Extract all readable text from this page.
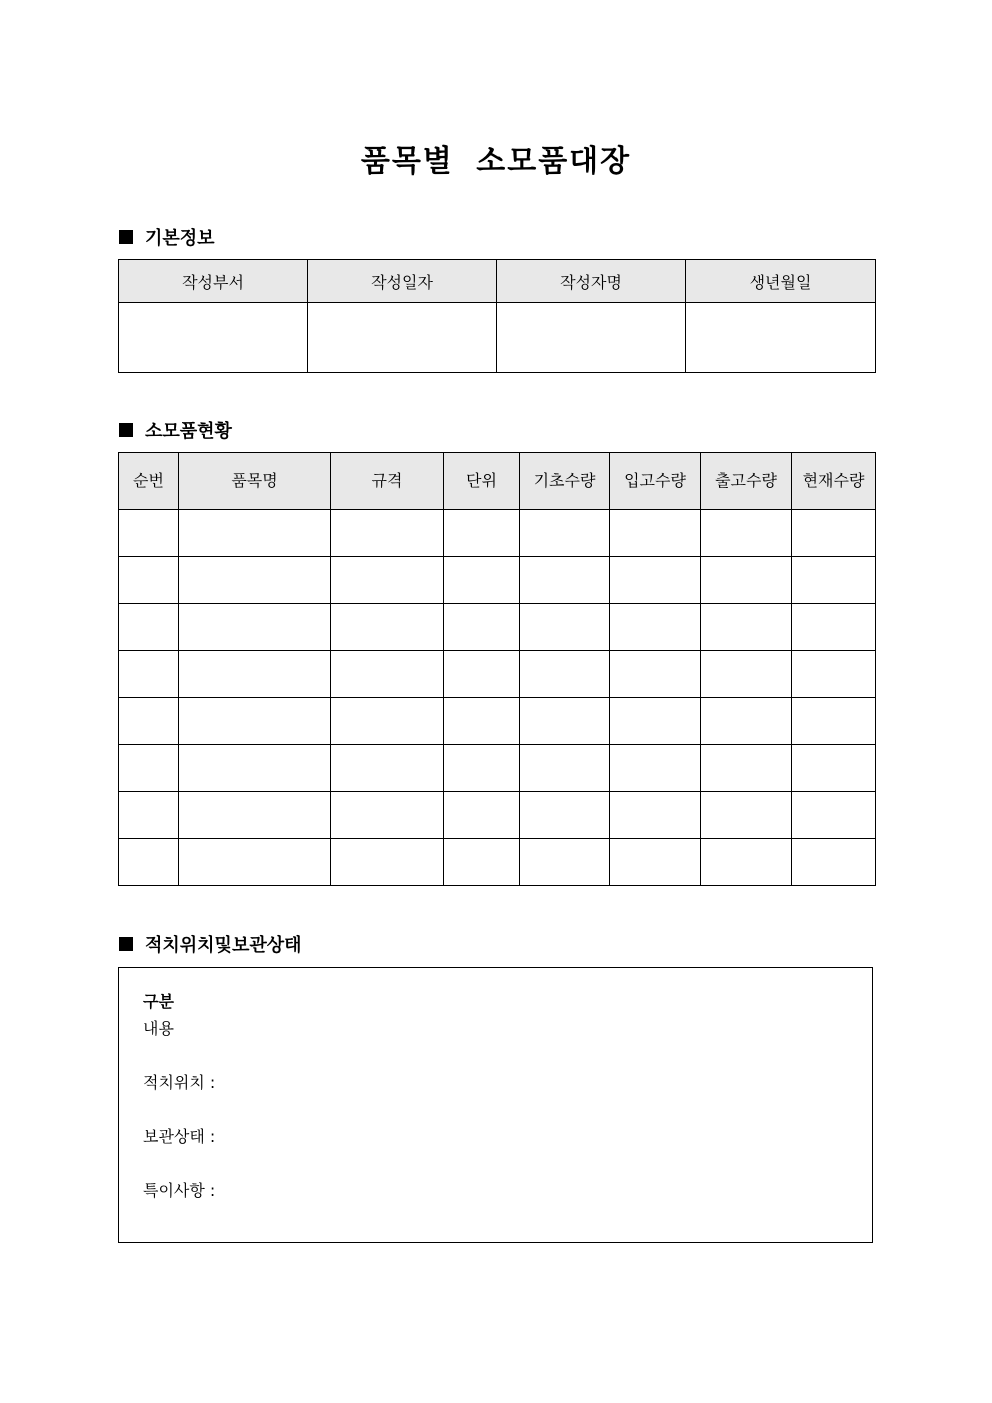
품목별 소모품대장
기본정보
작성부서	작성일자	작성자명	생년월일

소모품현황
순번	품목명	규격	단위	기초수량	입고수량	출고수량	현재수량

적치위치및보관상태
구분
내용
적치위치 :
보관상태 :
특이사항 :
